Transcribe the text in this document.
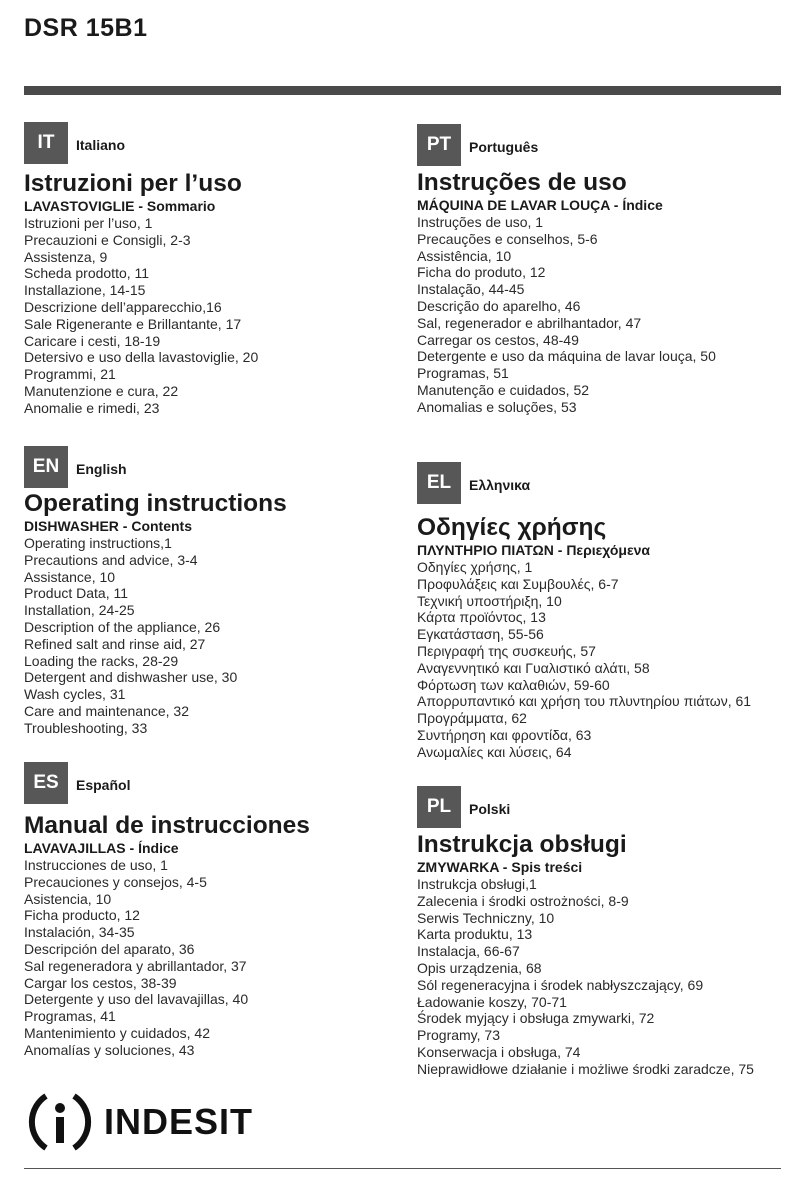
DSR 15B1
IT	Italiano
Istruzioni per l’uso
LAVASTOVIGLIE - Sommario
Istruzioni per l’uso, 1
Precauzioni e Consigli, 2-3
Assistenza, 9
Scheda prodotto, 11
Installazione, 14-15
Descrizione dell’apparecchio,16
Sale Rigenerante e Brillantante, 17
Caricare i cesti, 18-19
Detersivo e uso della lavastoviglie, 20
Programmi, 21
Manutenzione e cura, 22
Anomalie e rimedi, 23
EN	English
Operating instructions
DISHWASHER - Contents
Operating instructions,1
Precautions and advice, 3-4
Assistance, 10
Product Data, 11
Installation, 24-25
Description of the appliance, 26
Refined salt and rinse aid, 27
Loading the racks, 28-29
Detergent and dishwasher use, 30
Wash cycles, 31
Care and maintenance, 32
Troubleshooting, 33
ES	Español
Manual de instrucciones
LAVAVAJILLAS - Índice
Instrucciones de uso, 1
Precauciones y consejos, 4-5
Asistencia, 10
Ficha producto, 12
Instalación, 34-35
Descripción del aparato, 36
Sal regeneradora y abrillantador, 37
Cargar los cestos, 38-39
Detergente y uso del lavavajillas, 40
Programas, 41
Mantenimiento y cuidados, 42
Anomalías y soluciones, 43
PT	Português
Instruções de uso
MÁQUINA DE LAVAR LOUÇA - Índice
Instruções de uso, 1
Precauções e conselhos, 5-6
Assistência, 10
Ficha do produto, 12
Instalação, 44-45
Descrição do aparelho, 46
Sal, regenerador e abrilhantador, 47
Carregar os cestos, 48-49
Detergente e uso da máquina de lavar louça, 50
Programas, 51
Manutenção e cuidados, 52
Anomalias e soluções, 53
EL	Ελληνικα
Οδηγίες χρήσης
ΠΛΥΝΤΗΡΙΟ ΠΙΑΤΩΝ - Περιεχόμενα
Οδηγίες χρήσης, 1
Προφυλάξεις και Συμβουλές, 6-7
Τεχνική υποστήριξη, 10
Κάρτα προϊόντος, 13
Εγκατάσταση, 55-56
Περιγραφή της συσκευής, 57
Αναγεννητικό και Γυαλιστικό αλάτι, 58
Φόρτωση των καλαθιών, 59-60
Απορρυπαντικό και χρήση του πλυντηρίου πιάτων, 61
Προγράμματα, 62
Συντήρηση και φροντίδα, 63
Ανωμαλίες και λύσεις, 64
PL	Polski
Instrukcja obsługi
ZMYWARKA - Spis treści
Instrukcja obsługi,1
Zalecenia i środki ostrożności, 8-9
Serwis Techniczny, 10
Karta produktu, 13
Instalacja, 66-67
Opis urządzenia, 68
Sól regeneracyjna i środek nabłyszczający, 69
Ładowanie koszy, 70-71
Środek myjący i obsługa zmywarki, 72
Programy, 73
Konserwacja i obsługa, 74
Nieprawidłowe działanie i możliwe środki zaradcze, 75
INDESIT
